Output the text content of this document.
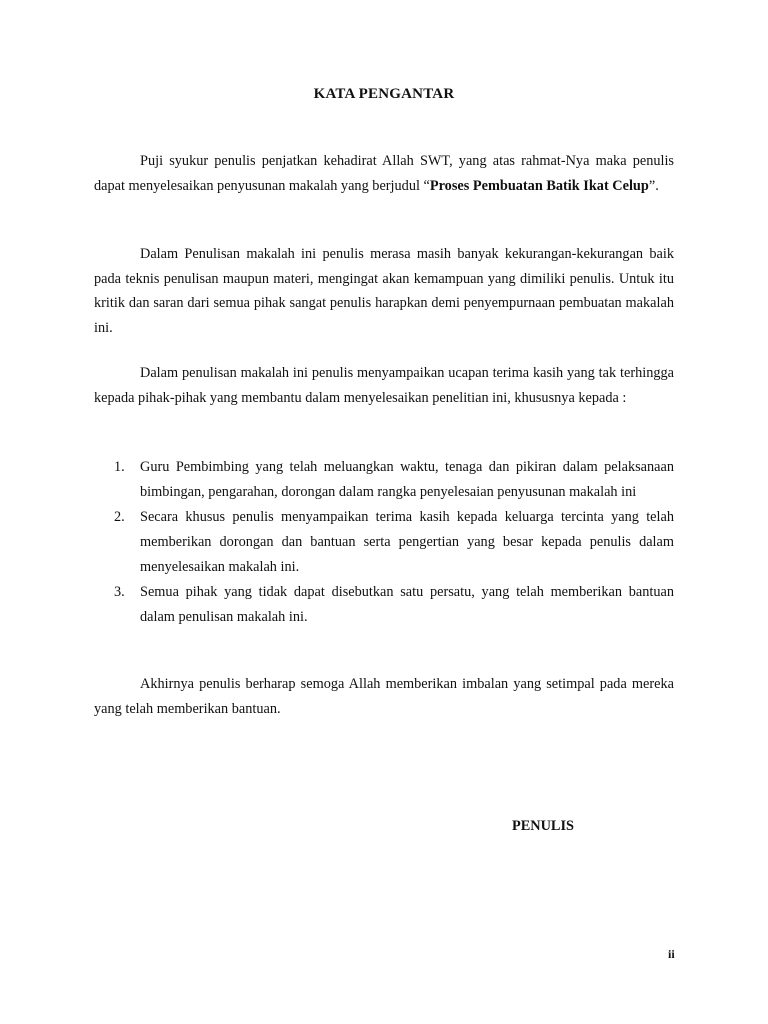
KATA PENGANTAR

Puji syukur penulis penjatkan kehadirat Allah SWT, yang atas rahmat-Nya maka penulis dapat menyelesaikan penyusunan makalah yang berjudul “Proses Pembuatan Batik Ikat Celup”.

Dalam Penulisan makalah ini penulis merasa masih banyak kekurangan-kekurangan baik pada teknis penulisan maupun materi, mengingat akan kemampuan yang dimiliki penulis. Untuk itu kritik dan saran dari semua pihak sangat penulis harapkan demi penyempurnaan pembuatan makalah ini.

Dalam penulisan makalah ini penulis menyampaikan ucapan terima kasih yang tak terhingga kepada pihak-pihak yang membantu dalam menyelesaikan penelitian ini, khususnya kepada :

1. Guru Pembimbing yang telah meluangkan waktu, tenaga dan pikiran dalam pelaksanaan bimbingan, pengarahan, dorongan dalam rangka penyelesaian penyusunan makalah ini
2. Secara khusus penulis menyampaikan terima kasih kepada keluarga tercinta yang telah memberikan dorongan dan bantuan serta pengertian yang besar kepada penulis dalam menyelesaikan makalah ini.
3. Semua pihak yang tidak dapat disebutkan satu persatu, yang telah memberikan bantuan dalam penulisan makalah ini.

Akhirnya penulis berharap semoga Allah memberikan imbalan yang setimpal pada mereka yang telah memberikan bantuan.

PENULIS
ii
